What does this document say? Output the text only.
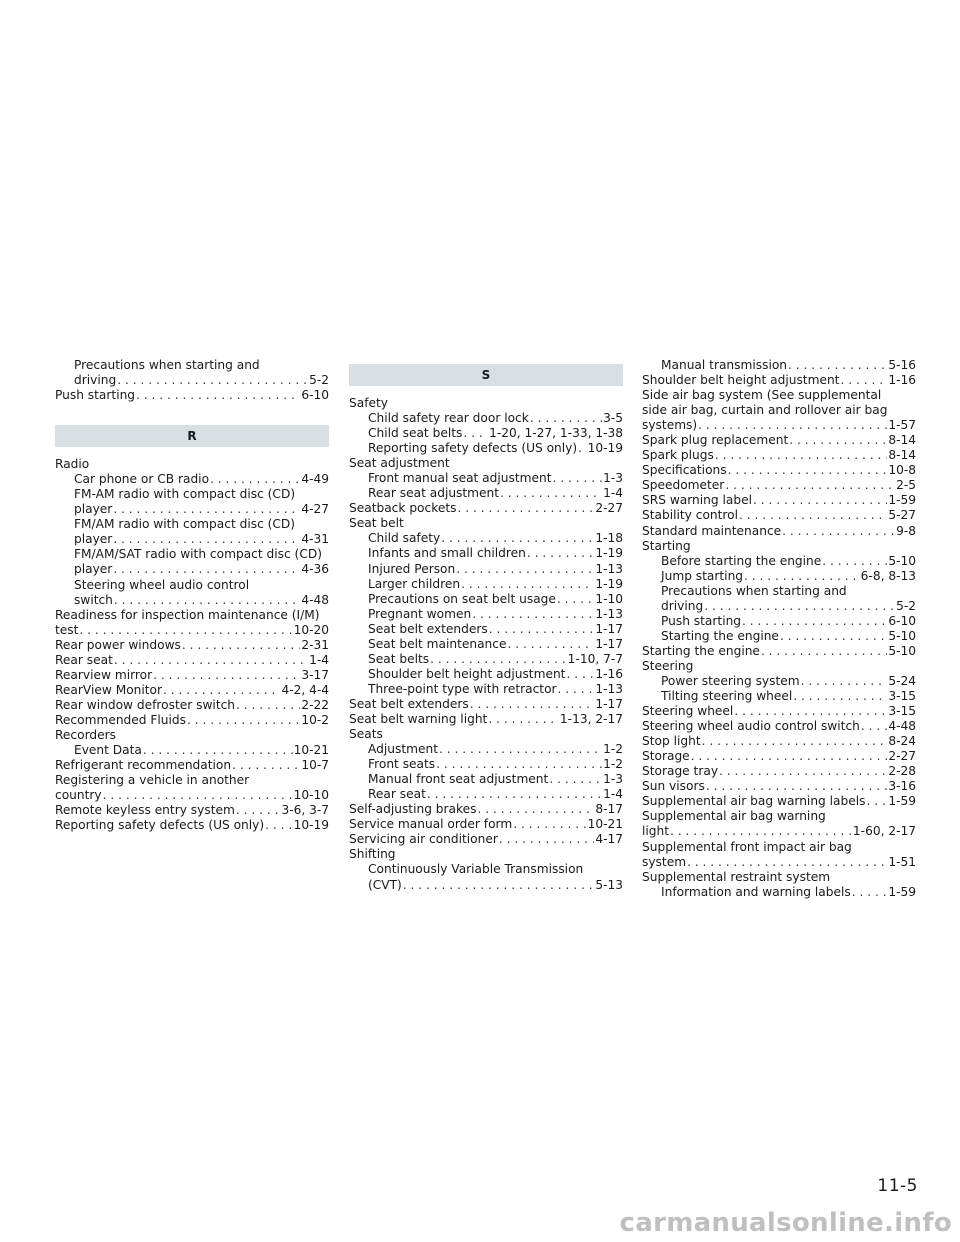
Precautions when starting and
driving . . .	5-2
Push starting . . .	6-10
R
Radio
Car phone or CB radio . . .	4-49
FM-AM radio with compact disc (CD)
player . . .	4-27
FM/AM radio with compact disc (CD)
player . . .	4-31
FM/AM/SAT radio with compact disc (CD)
player . . .	4-36
Steering wheel audio control
switch . . .	4-48
Readiness for inspection maintenance (I/M)
test . . .	10-20
Rear power windows . . .	2-31
Rear seat . . .	1-4
Rearview mirror . . .	3-17
RearView Monitor . . .	4-2, 4-4
Rear window defroster switch . . .	2-22
Recommended Fluids . . .	10-2
Recorders
Event Data . . .	10-21
Refrigerant recommendation . . .	10-7
Registering a vehicle in another
country . . .	10-10
Remote keyless entry system . . .	3-6, 3-7
Reporting safety defects (US only) . . . 10-19
S
Safety
Child safety rear door lock . . .	3-5
Child seat belts . . . 1-20, 1-27, 1-33, 1-38
Reporting safety defects (US only) . . . 10-19
Seat adjustment
Front manual seat adjustment . . .	1-3
Rear seat adjustment . . .	1-4
Seatback pockets . . .	2-27
Seat belt
Child safety . . .	1-18
Infants and small children . . .	1-19
Injured Person . . .	1-13
Larger children . . .	1-19
Precautions on seat belt usage . . .	1-10
Pregnant women . . .	1-13
Seat belt extenders . . .	1-17
Seat belt maintenance . . .	1-17
Seat belts . . .	1-10, 7-7
Shoulder belt height adjustment . . . 1-16
Three-point type with retractor . . .	1-13
Seat belt extenders . . .	1-17
Seat belt warning light . . .	1-13, 2-17
Seats
Adjustment . . .	1-2
Front seats . . .	1-2
Manual front seat adjustment . . .	1-3
Rear seat . . .	1-4
Self-adjusting brakes . . .	8-17
Service manual order form . . .	10-21
Servicing air conditioner . . .	4-17
Shifting
Continuously Variable Transmission
(CVT) . . .	5-13
Manual transmission . . .	5-16
Shoulder belt height adjustment . . .	1-16
Side air bag system (See supplemental
side air bag, curtain and rollover air bag
systems) . . .	1-57
Spark plug replacement . . .	8-14
Spark plugs . . .	8-14
Specifications . . .	10-8
Speedometer . . .	2-5
SRS warning label . . .	1-59
Stability control . . .	5-27
Standard maintenance . . .	9-8
Starting
Before starting the engine . . .	5-10
Jump starting . . .	6-8, 8-13
Precautions when starting and
driving . . .	5-2
Push starting . . .	6-10
Starting the engine . . .	5-10
Starting the engine . . .	5-10
Steering
Power steering system . . .	5-24
Tilting steering wheel . . .	3-15
Steering wheel . . .	3-15
Steering wheel audio control switch . . . 4-48
Stop light . . .	8-24
Storage . . .	2-27
Storage tray . . .	2-28
Sun visors . . .	3-16
Supplemental air bag warning labels . . . 1-59
Supplemental air bag warning
light . . .	1-60, 2-17
Supplemental front impact air bag
system . . .	1-51
Supplemental restraint system
Information and warning labels . . .	1-59
11-5
carmanualsonline.info
